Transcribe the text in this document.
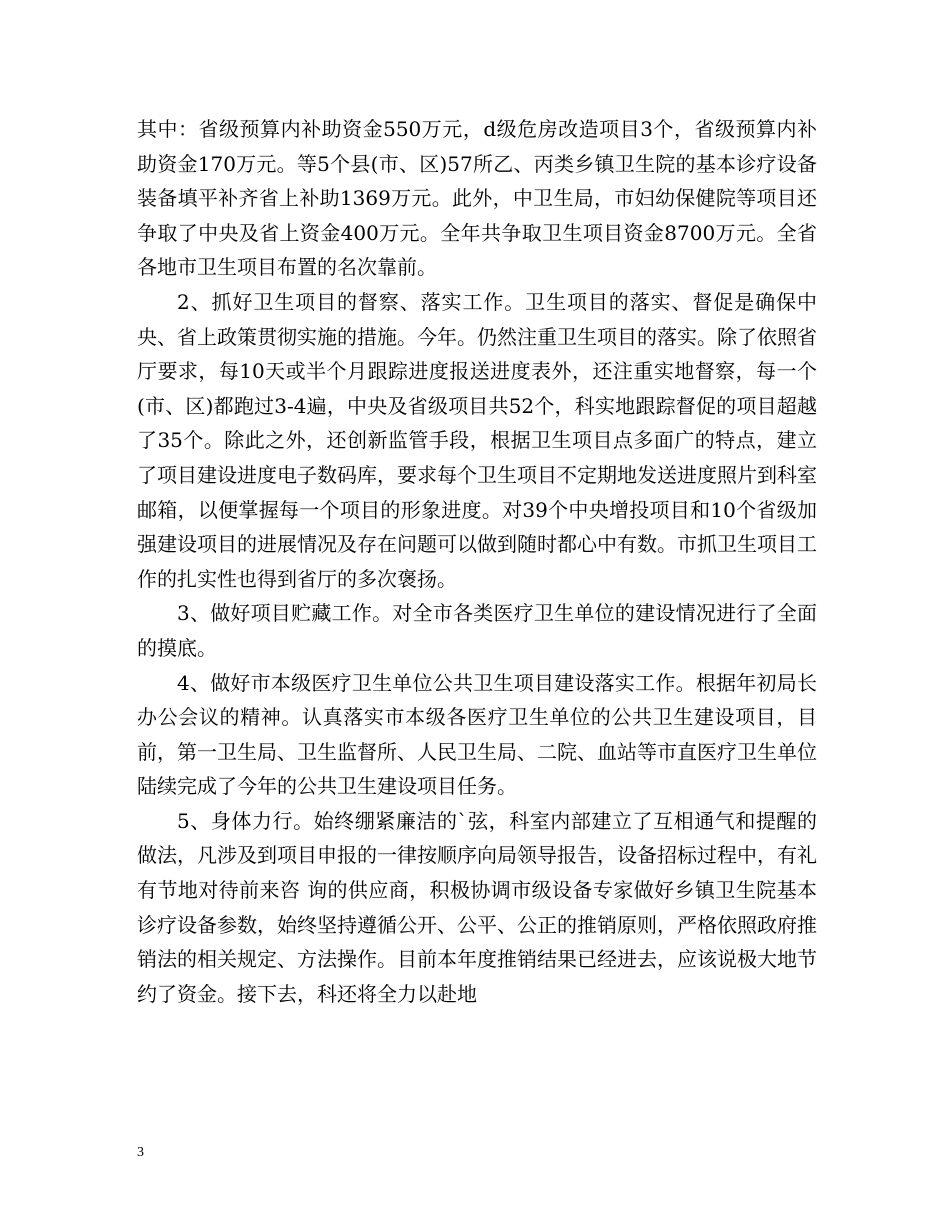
其中：省级预算内补助资金550万元，d级危房改造项目3个，省级预算内补助资金170万元。等5个县(市、区)57所乙、丙类乡镇卫生院的基本诊疗设备装备填平补齐省上补助1369万元。此外，中卫生局，市妇幼保健院等项目还争取了中央及省上资金400万元。全年共争取卫生项目资金8700万元。全省各地市卫生项目布置的名次靠前。

2、抓好卫生项目的督察、落实工作。卫生项目的落实、督促是确保中央、省上政策贯彻实施的措施。今年。仍然注重卫生项目的落实。除了依照省厅要求，每10天或半个月跟踪进度报送进度表外，还注重实地督察，每一个(市、区)都跑过3-4遍，中央及省级项目共52个，科实地跟踪督促的项目超越了35个。除此之外，还创新监管手段，根据卫生项目点多面广的特点，建立了项目建设进度电子数码库，要求每个卫生项目不定期地发送进度照片到科室邮箱，以便掌握每一个项目的形象进度。对39个中央增投项目和10个省级加强建设项目的进展情况及存在问题可以做到随时都心中有数。市抓卫生项目工作的扎实性也得到省厅的多次褒扬。

3、做好项目贮藏工作。对全市各类医疗卫生单位的建设情况进行了全面的摸底。

4、做好市本级医疗卫生单位公共卫生项目建设落实工作。根据年初局长办公会议的精神。认真落实市本级各医疗卫生单位的公共卫生建设项目，目前，第一卫生局、卫生监督所、人民卫生局、二院、血站等市直医疗卫生单位陆续完成了今年的公共卫生建设项目任务。

5、身体力行。始终绷紧廉洁的`弦，科室内部建立了互相通气和提醒的做法，凡涉及到项目申报的一律按顺序向局领导报告，设备招标过程中，有礼有节地对待前来咨 询的供应商，积极协调市级设备专家做好乡镇卫生院基本诊疗设备参数，始终坚持遵循公开、公平、公正的推销原则，严格依照政府推销法的相关规定、方法操作。目前本年度推销结果已经进去，应该说极大地节约了资金。接下去，科还将全力以赴地

3
